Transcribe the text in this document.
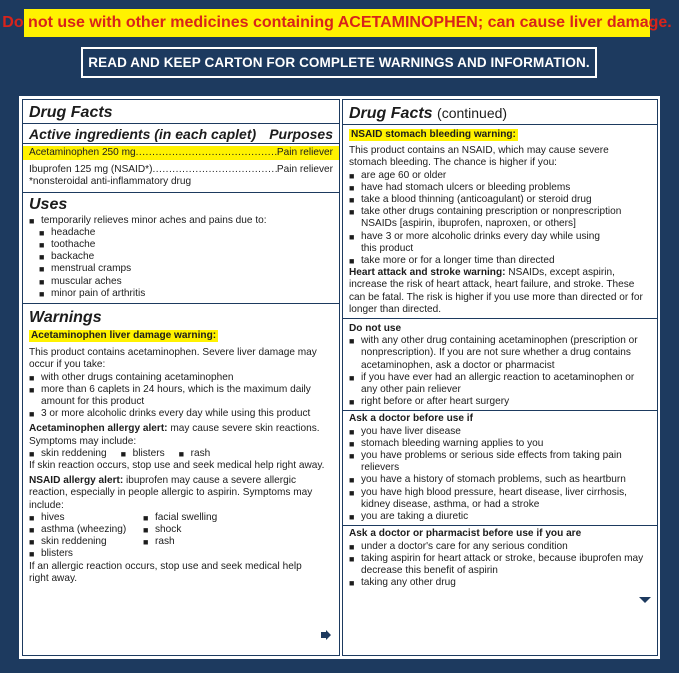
Do not use with other medicines containing ACETAMINOPHEN; can cause liver damage.
READ AND KEEP CARTON FOR COMPLETE WARNINGS AND INFORMATION.
Drug Facts
Active ingredients (in each caplet) Purposes
Acetaminophen 250 mg .....	Pain reliever
Ibuprofen 125 mg (NSAID*) .....	Pain reliever
*nonsteroidal anti-inflammatory drug
Uses
■ temporarily relieves minor aches and pains due to:
■ headache
■ toothache
■ backache
■ menstrual cramps
■ muscular aches
■ minor pain of arthritis
Warnings
Acetaminophen liver damage warning:
This product contains acetaminophen. Severe liver damage may
occur if you take:
■ with other drugs containing acetaminophen
■ more than 6 caplets in 24 hours, which is the maximum daily
amount for this product
■ 3 or more alcoholic drinks every day while using this product
Acetaminophen allergy alert: may cause severe skin reactions.
Symptoms may include:
■ skin reddening	■ blisters	■ rash
If skin reaction occurs, stop use and seek medical help right away.
NSAID allergy alert: ibuprofen may cause a severe allergic
reaction, especially in people allergic to aspirin. Symptoms may
include:
■ hives	■ facial swelling
■ asthma (wheezing)	■ shock
■ skin reddening	■ rash
■ blisters
If an allergic reaction occurs, stop use and seek medical help
right away.
Drug Facts (continued)
NSAID stomach bleeding warning:
This product contains an NSAID, which may cause severe
stomach bleeding. The chance is higher if you:
■ are age 60 or older
■ have had stomach ulcers or bleeding problems
■ take a blood thinning (anticoagulant) or steroid drug
■ take other drugs containing prescription or nonprescription
NSAIDs [aspirin, ibuprofen, naproxen, or others]
■ have 3 or more alcoholic drinks every day while using
this product
■ take more or for a longer time than directed
Heart attack and stroke warning: NSAIDs, except aspirin,
increase the risk of heart attack, heart failure, and stroke. These
can be fatal. The risk is higher if you use more than directed or for
longer than directed.
Do not use
■ with any other drug containing acetaminophen (prescription or
nonprescription). If you are not sure whether a drug contains
acetaminophen, ask a doctor or pharmacist
■ if you have ever had an allergic reaction to acetaminophen or
any other pain reliever
■ right before or after heart surgery
Ask a doctor before use if
■ you have liver disease
■ stomach bleeding warning applies to you
■ you have problems or serious side effects from taking pain
relievers
■ you have a history of stomach problems, such as heartburn
■ you have high blood pressure, heart disease, liver cirrhosis,
kidney disease, asthma, or had a stroke
■ you are taking a diuretic
Ask a doctor or pharmacist before use if you are
■ under a doctor's care for any serious condition
■ taking aspirin for heart attack or stroke, because ibuprofen may
decrease this benefit of aspirin
■ taking any other drug
